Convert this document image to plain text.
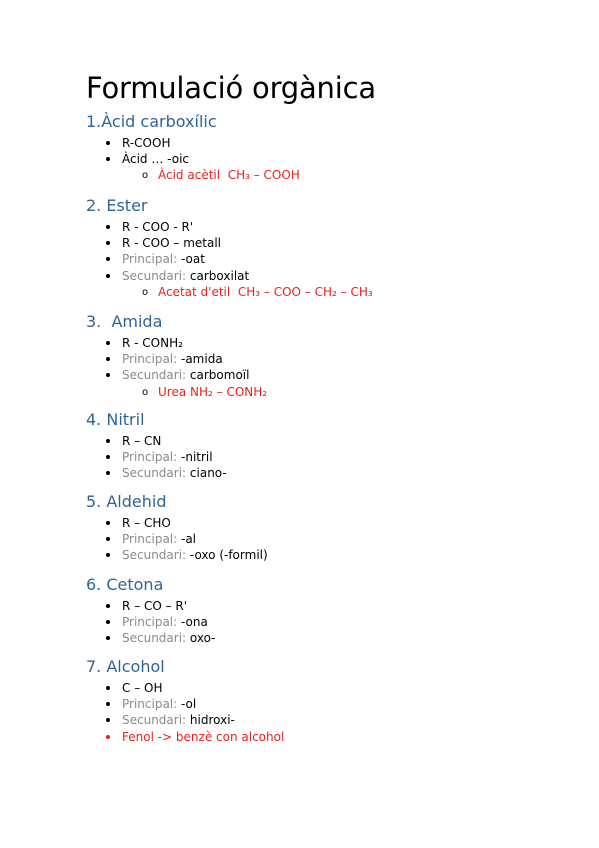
Formulació orgànica
1.Àcid carboxílic
R-COOH
Àcid … -oic
o Àcid acètil  CH₃ – COOH
2. Ester
R - COO - R'
R - COO – metall
Principal: -oat
Secundari: carboxilat
o Acetat d'etil  CH₃ – COO – CH₂ – CH₃
3.  Amida
R - CONH₂
Principal: -amida
Secundari: carbomoïl
o Urea NH₂ – CONH₂
4. Nitril
R – CN
Principal: -nitril
Secundari: ciano-
5. Aldehid
R – CHO
Principal: -al
Secundari: -oxo (-formil)
6. Cetona
R – CO – R'
Principal: -ona
Secundari: oxo-
7. Alcohol
C – OH
Principal: -ol
Secundari: hidroxi-
Fenol -> benzè con alcohol
